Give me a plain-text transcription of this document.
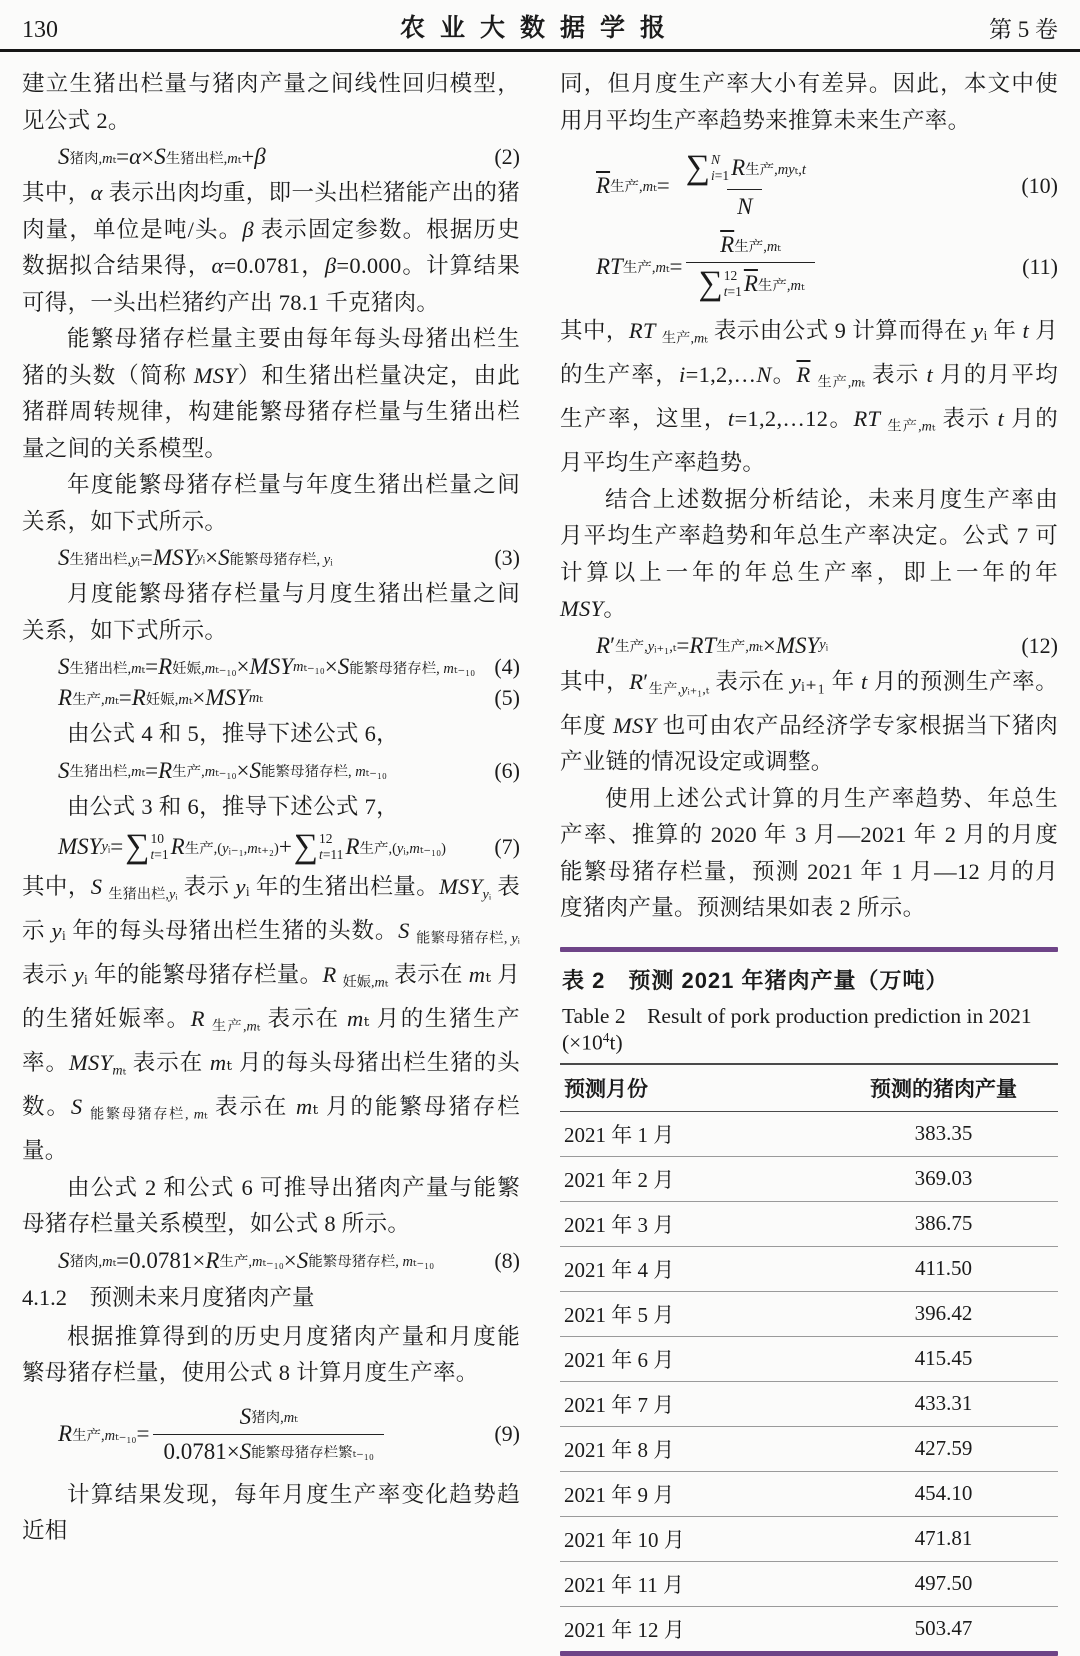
130	农业大数据学报	第 5 卷
建立生猪出栏量与猪肉产量之间线性回归模型，见公式 2。
S 猪肉,mₜ = α × S 生猪出栏,mₜ + β	(2)
其中，α 表示出肉均重，即一头出栏猪能产出的猪肉量，单位是吨/头。β 表示固定参数。根据历史数据拟合结果得，α=0.0781，β=0.000。计算结果可得，一头出栏猪约产出 78.1 千克猪肉。
能繁母猪存栏量主要由每年每头母猪出栏生猪的头数（简称 MSY）和生猪出栏量决定，由此猪群周转规律，构建能繁母猪存栏量与生猪出栏量之间的关系模型。
年度能繁母猪存栏量与年度生猪出栏量之间关系，如下式所示。
S 生猪出栏,yᵢ = MSY yᵢ × S 能繁母猪存栏, yᵢ	(3)
月度能繁母猪存栏量与月度生猪出栏量之间关系，如下式所示。
S 生猪出栏,mₜ = R 妊娠,mₜ₋₁₀ × MSY mₜ₋₁₀ × S 能繁母猪存栏, mₜ₋₁₀ (4)
R 生产,mₜ = R 妊娠,mₜ × MSY mₜ	(5)
由公式 4 和 5，推导下述公式 6，
S 生猪出栏,mₜ = R 生产,mₜ₋₁₀ × S 能繁母猪存栏, mₜ₋₁₀	(6)
由公式 3 和 6，推导下述公式 7，
MSY yᵢ = ∑ 10
t=1 R 生产,(yᵢ₋₁,mₜ₊₂) + ∑ 12
t=11 R 生产,(yᵢ,mₜ₋₁₀) (7)
其中，S $_{生猪出栏,yᵢ}$ 表示 yᵢ 年的生猪出栏量。$MSY_{yᵢ}$ 表示 yᵢ 年的每头母猪出栏生猪的头数。S $_{能繁母猪存栏, yᵢ}$ 表示 yᵢ 年的能繁母猪存栏量。R $_{妊娠,m_t}$ 表示在 mₜ 月的生猪妊娠率。R $_{生产,m_t}$ 表示在 mₜ 月的生猪生产率。$MSY_{m_t}$ 表示在 mₜ 月的每头母猪出栏生猪的头数。S $_{能繁母猪存栏, m_t}$ 表示在 mₜ 月的能繁母猪存栏量。
由公式 2 和公式 6 可推导出猪肉产量与能繁母猪存栏量关系模型，如公式 8 所示。
S 猪肉,mₜ =0.0781× R 生产,mₜ₋₁₀ × S 能繁母猪存栏, mₜ₋₁₀	(8)
4.1.2　预测未来月度猪肉产量
根据推算得到的历史月度猪肉产量和月度能繁母猪存栏量，使用公式 8 计算月度生产率。
R 生产$,m_{t-10} = \frac{\text{S 猪肉,mₜ}}{\text{0.0781× S 能繁母猪存栏繁ₜ₋₁₀}}$	(9)
计算结果发现，每年月度生产率变化趋势趋近相
同，但月度生产率大小有差异。因此，本文中使用月平均生产率趋势来推算未来生产率。
$\overline{R}$ 生产,mₜ = ∑ N
i=1 R 生产,myₜ,t
N	(10)
RT 生产$,m_t = \overline{R}$ 生产,mₜ
∑ 12
t=1 $\overline{R}$ 生产,mₜ	(11)
其中，RT $_{生产,m_t}$ 表示由公式 9 计算而得在 yᵢ 年 t 月的生产率，i=1,2,…N。$\overline{R}$ $_{生产,m_t}$ 表示 t 月的月平均生产率，这里，t=1,2,…12。RT $_{生产,m_t}$ 表示 t 月的月平均生产率趋势。
结合上述数据分析结论，未来月度生产率由月平均生产率趋势和年总生产率决定。公式 7 可计算以上一年的年总生产率，即上一年的年 MSY。
R ′ 生产,yᵢ₊₁,ₜ = RT 生产,mₜ × MSY yᵢ	(12)
其中，$R'_{生产,yᵢ_{+1},_t}$ 表示在 yᵢ₊₁ 年 t 月的预测生产率。年度 MSY 也可由农产品经济学专家根据当下猪肉产业链的情况设定或调整。
使用上述公式计算的月生产率趋势、年总生产率、推算的 2020 年 3 月—2021 年 2 月的月度能繁母猪存栏量，预测 2021 年 1 月—12 月的月度猪肉产量。预测结果如表 2 所示。
表 2　预测 2021 年猪肉产量（万吨）
Table 2　Result of pork production prediction in 2021 $(\times 10^4t)$
预测月份	预测的猪肉产量
2021 年 1 月	383.35
2021 年 2 月	369.03
2021 年 3 月	386.75
2021 年 4 月	411.50
2021 年 5 月	396.42
2021 年 6 月	415.45
2021 年 7 月	433.31
2021 年 8 月	427.59
2021 年 9 月	454.10
2021 年 10 月	471.81
2021 年 11 月	497.50
2021 年 12 月	503.47
